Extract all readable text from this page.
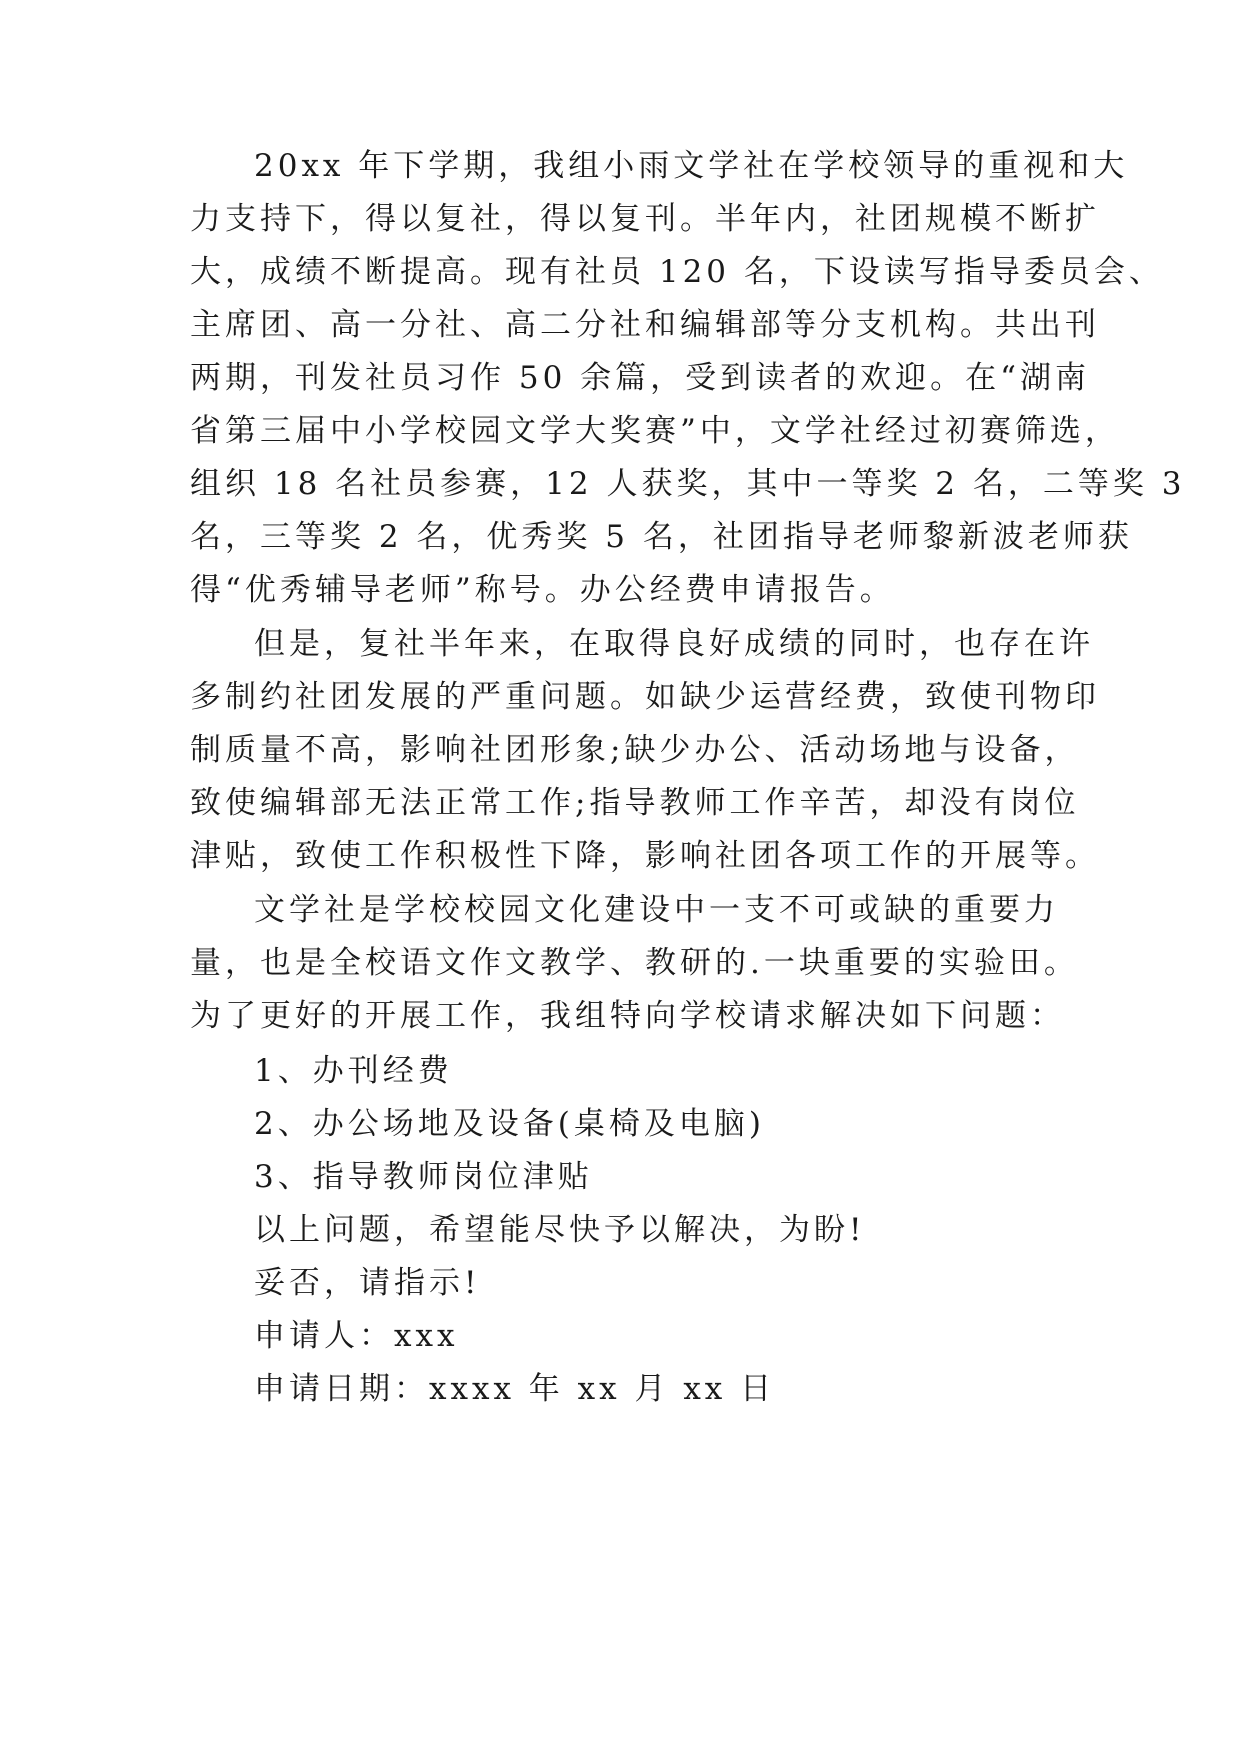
20xx 年下学期，我组小雨文学社在学校领导的重视和大
力支持下，得以复社，得以复刊。半年内，社团规模不断扩
大，成绩不断提高。现有社员 120 名，下设读写指导委员会、
主席团、高一分社、高二分社和编辑部等分支机构。共出刊
两期，刊发社员习作 50 余篇，受到读者的欢迎。在“湖南
省第三届中小学校园文学大奖赛”中，文学社经过初赛筛选，
组织 18 名社员参赛，12 人获奖，其中一等奖 2 名，二等奖 3
名，三等奖 2 名，优秀奖 5 名，社团指导老师黎新波老师获
得“优秀辅导老师”称号。办公经费申请报告。
但是，复社半年来，在取得良好成绩的同时，也存在许
多制约社团发展的严重问题。如缺少运营经费，致使刊物印
制质量不高，影响社团形象;缺少办公、活动场地与设备，
致使编辑部无法正常工作;指导教师工作辛苦，却没有岗位
津贴，致使工作积极性下降，影响社团各项工作的开展等。
文学社是学校校园文化建设中一支不可或缺的重要力
量，也是全校语文作文教学、教研的.一块重要的实验田。
为了更好的开展工作，我组特向学校请求解决如下问题：
1、办刊经费
2、办公场地及设备(桌椅及电脑)
3、指导教师岗位津贴
以上问题，希望能尽快予以解决，为盼!
妥否，请指示!
申请人：xxx
申请日期：xxxx 年 xx 月 xx 日
